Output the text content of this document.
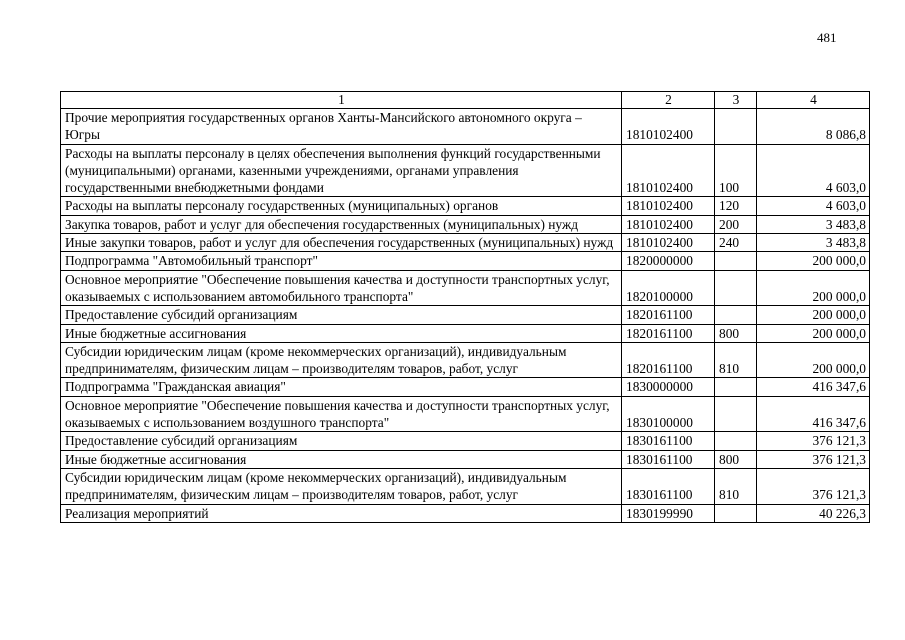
481
1	2	3	4
Прочие мероприятия государственных органов Ханты-Мансийского автономного округа – Югры	1810102400		8 086,8
Расходы на выплаты персоналу в целях обеспечения выполнения функций государственными (муниципальными) органами, казенными учреждениями, органами управления государственными внебюджетными фондами	1810102400	100	4 603,0
Расходы на выплаты персоналу государственных (муниципальных) органов	1810102400	120	4 603,0
Закупка товаров, работ и услуг для обеспечения государственных (муниципальных) нужд	1810102400	200	3 483,8
Иные закупки товаров, работ и услуг для обеспечения государственных (муниципальных) нужд	1810102400	240	3 483,8
Подпрограмма "Автомобильный транспорт"	1820000000		200 000,0
Основное мероприятие "Обеспечение повышения качества и доступности транспортных услуг, оказываемых с использованием автомобильного транспорта"	1820100000		200 000,0
Предоставление субсидий организациям	1820161100		200 000,0
Иные бюджетные ассигнования	1820161100	800	200 000,0
Субсидии юридическим лицам (кроме некоммерческих организаций), индивидуальным предпринимателям, физическим лицам – производителям товаров, работ, услуг	1820161100	810	200 000,0
Подпрограмма "Гражданская авиация"	1830000000		416 347,6
Основное мероприятие "Обеспечение повышения качества и доступности транспортных услуг, оказываемых с использованием воздушного транспорта"	1830100000		416 347,6
Предоставление субсидий организациям	1830161100		376 121,3
Иные бюджетные ассигнования	1830161100	800	376 121,3
Субсидии юридическим лицам (кроме некоммерческих организаций), индивидуальным предпринимателям, физическим лицам – производителям товаров, работ, услуг	1830161100	810	376 121,3
Реализация мероприятий	1830199990		40 226,3
